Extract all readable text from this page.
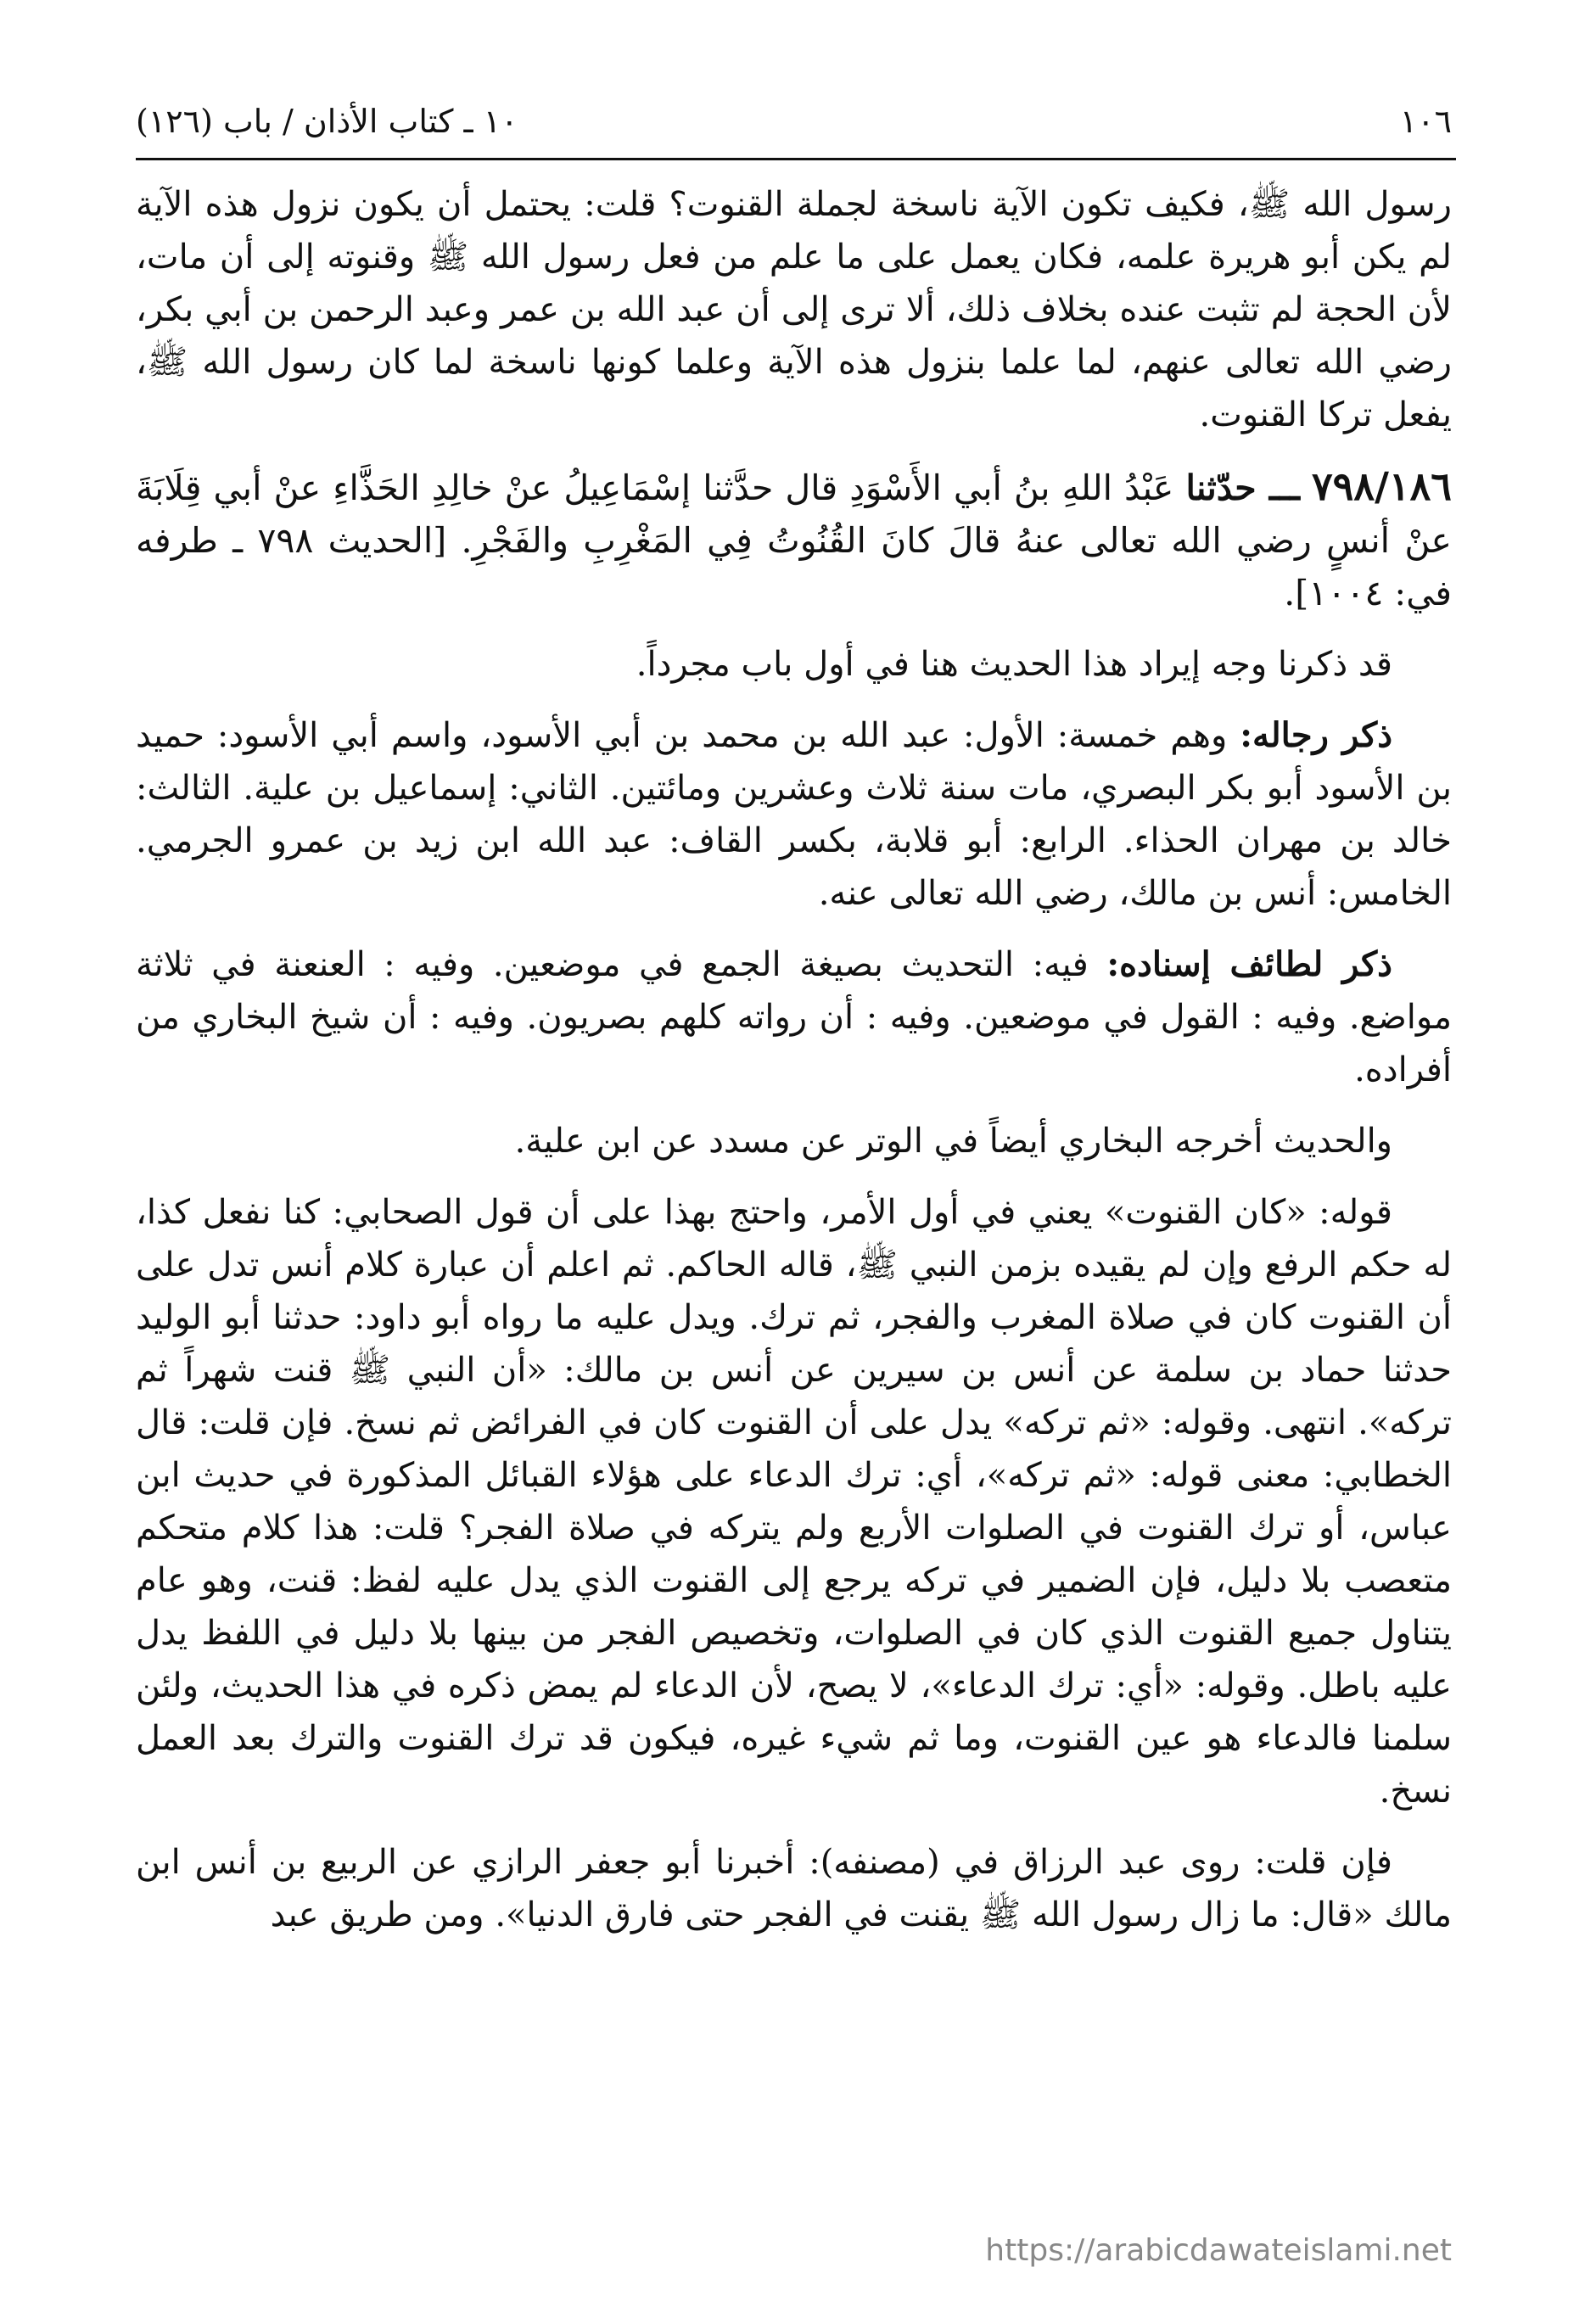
١٠٦
١٠ ـ كتاب الأذان / باب (١٢٦)

رسول الله ﷺ، فكيف تكون الآية ناسخة لجملة القنوت؟ قلت: يحتمل أن يكون نزول هذه الآية لم يكن أبو هريرة علمه، فكان يعمل على ما علم من فعل رسول الله ﷺ وقنوته إلى أن مات، لأن الحجة لم تثبت عنده بخلاف ذلك، ألا ترى إلى أن عبد الله بن عمر وعبد الرحمن بن أبي بكر، رضي الله تعالى عنهم، لما علما بنزول هذه الآية وعلما كونها ناسخة لما كان رسول الله ﷺ، يفعل تركا القنوت.

٧٩٨/١٨٦ ـــ حدّثنا عَبْدُ اللهِ بنُ أبي الأَسْوَدِ قال حدَّثنا إسْمَاعِيلُ عنْ خالِدِ الحَذَّاءِ عنْ أبي قِلَابَةَ عنْ أنسٍ رضي الله تعالى عنهُ قالَ كانَ القُنُوتُ فِي المَغْرِبِ والفَجْرِ. [الحديث ٧٩٨ ـ طرفه في: ١٠٠٤].

قد ذكرنا وجه إيراد هذا الحديث هنا في أول باب مجرداً.

ذكر رجاله: وهم خمسة: الأول: عبد الله بن محمد بن أبي الأسود، واسم أبي الأسود: حميد بن الأسود أبو بكر البصري، مات سنة ثلاث وعشرين ومائتين. الثاني: إسماعيل بن علية. الثالث: خالد بن مهران الحذاء. الرابع: أبو قلابة، بكسر القاف: عبد الله ابن زيد بن عمرو الجرمي. الخامس: أنس بن مالك، رضي الله تعالى عنه.

ذكر لطائف إسناده: فيه: التحديث بصيغة الجمع في موضعين. وفيه : العنعنة في ثلاثة مواضع. وفيه : القول في موضعين. وفيه : أن رواته كلهم بصريون. وفيه : أن شيخ البخاري من أفراده.

والحديث أخرجه البخاري أيضاً في الوتر عن مسدد عن ابن علية.

قوله: «كان القنوت» يعني في أول الأمر، واحتج بهذا على أن قول الصحابي: كنا نفعل كذا، له حكم الرفع وإن لم يقيده بزمن النبي ﷺ، قاله الحاكم. ثم اعلم أن عبارة كلام أنس تدل على أن القنوت كان في صلاة المغرب والفجر، ثم ترك. ويدل عليه ما رواه أبو داود: حدثنا أبو الوليد حدثنا حماد بن سلمة عن أنس بن سيرين عن أنس بن مالك: «أن النبي ﷺ قنت شهراً ثم تركه». انتهى. وقوله: «ثم تركه» يدل على أن القنوت كان في الفرائض ثم نسخ. فإن قلت: قال الخطابي: معنى قوله: «ثم تركه»، أي: ترك الدعاء على هؤلاء القبائل المذكورة في حديث ابن عباس، أو ترك القنوت في الصلوات الأربع ولم يتركه في صلاة الفجر؟ قلت: هذا كلام متحكم متعصب بلا دليل، فإن الضمير في تركه يرجع إلى القنوت الذي يدل عليه لفظ: قنت، وهو عام يتناول جميع القنوت الذي كان في الصلوات، وتخصيص الفجر من بينها بلا دليل في اللفظ يدل عليه باطل. وقوله: «أي: ترك الدعاء»، لا يصح، لأن الدعاء لم يمض ذكره في هذا الحديث، ولئن سلمنا فالدعاء هو عين القنوت، وما ثم شيء غيره، فيكون قد ترك القنوت والترك بعد العمل نسخ.

فإن قلت: روى عبد الرزاق في (مصنفه): أخبرنا أبو جعفر الرازي عن الربيع بن أنس ابن مالك «قال: ما زال رسول الله ﷺ يقنت في الفجر حتى فارق الدنيا». ومن طريق عبد

https://arabicdawateislami.net
